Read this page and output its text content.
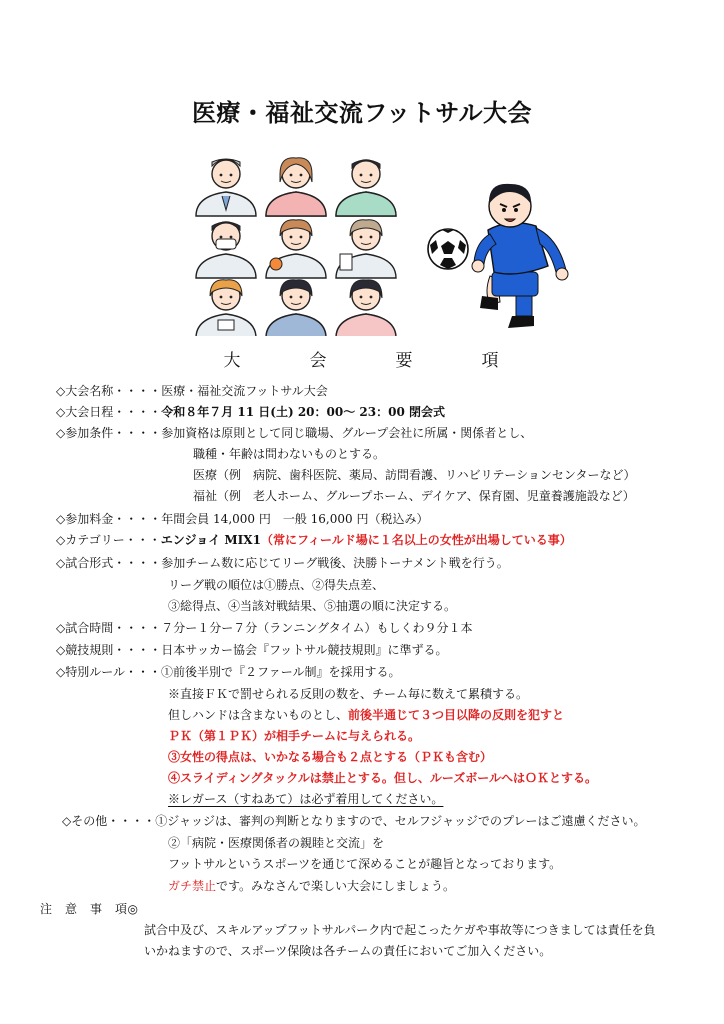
医療・福祉交流フットサル大会
大　会　要　項
◇大会名称・・・・医療・福祉交流フットサル大会
◇大会日程・・・・令和８年７月 11 日(土) 20：00〜 23：00 閉会式
◇参加条件・・・・参加資格は原則として同じ職場、グループ会社に所属・関係者とし、
職種・年齢は問わないものとする。
医療（例　病院、歯科医院、薬局、訪問看護、リハビリテーションセンターなど）
福祉（例　老人ホーム、グループホーム、デイケア、保育園、児童養護施設など）
◇参加料金・・・・年間会員 14,000 円　一般 16,000 円（税込み）
◇カテゴリー・・・エンジョイ MIX1（常にフィールド場に１名以上の女性が出場している事）
◇試合形式・・・・参加チーム数に応じてリーグ戦後、決勝トーナメント戦を行う。
リーグ戦の順位は①勝点、②得失点差、
③総得点、④当該対戦結果、⑤抽選の順に決定する。
◇試合時間・・・・７分ー１分ー７分（ランニングタイム）もしくわ９分１本
◇競技規則・・・・日本サッカー協会『フットサル競技規則』に準ずる。
◇特別ルール・・・①前後半別で『２ファール制』を採用する。
※直接ＦＫで罰せられる反則の数を、チーム毎に数えて累積する。
但しハンドは含まないものとし、前後半通じて３つ目以降の反則を犯すと
ＰＫ（第１ＰＫ）が相手チームに与えられる。
③女性の得点は、いかなる場合も２点とする（ＰＫも含む）
④スライディングタックルは禁止とする。但し、ルーズボールへはＯＫとする。
※レガース（すねあて）は必ず着用してください。
◇その他・・・・①ジャッジは、審判の判断となりますので、セルフジャッジでのプレーはご遠慮ください。
②「病院・医療関係者の親睦と交流」を
フットサルというスポーツを通じて深めることが趣旨となっております。
ガチ禁止です。みなさんで楽しい大会にしましょう。
注　意　事　項◎
試合中及び、スキルアップフットサルパーク内で起こったケガや事故等につきましては責任を負
いかねますので、スポーツ保険は各チームの責任においてご加入ください。
